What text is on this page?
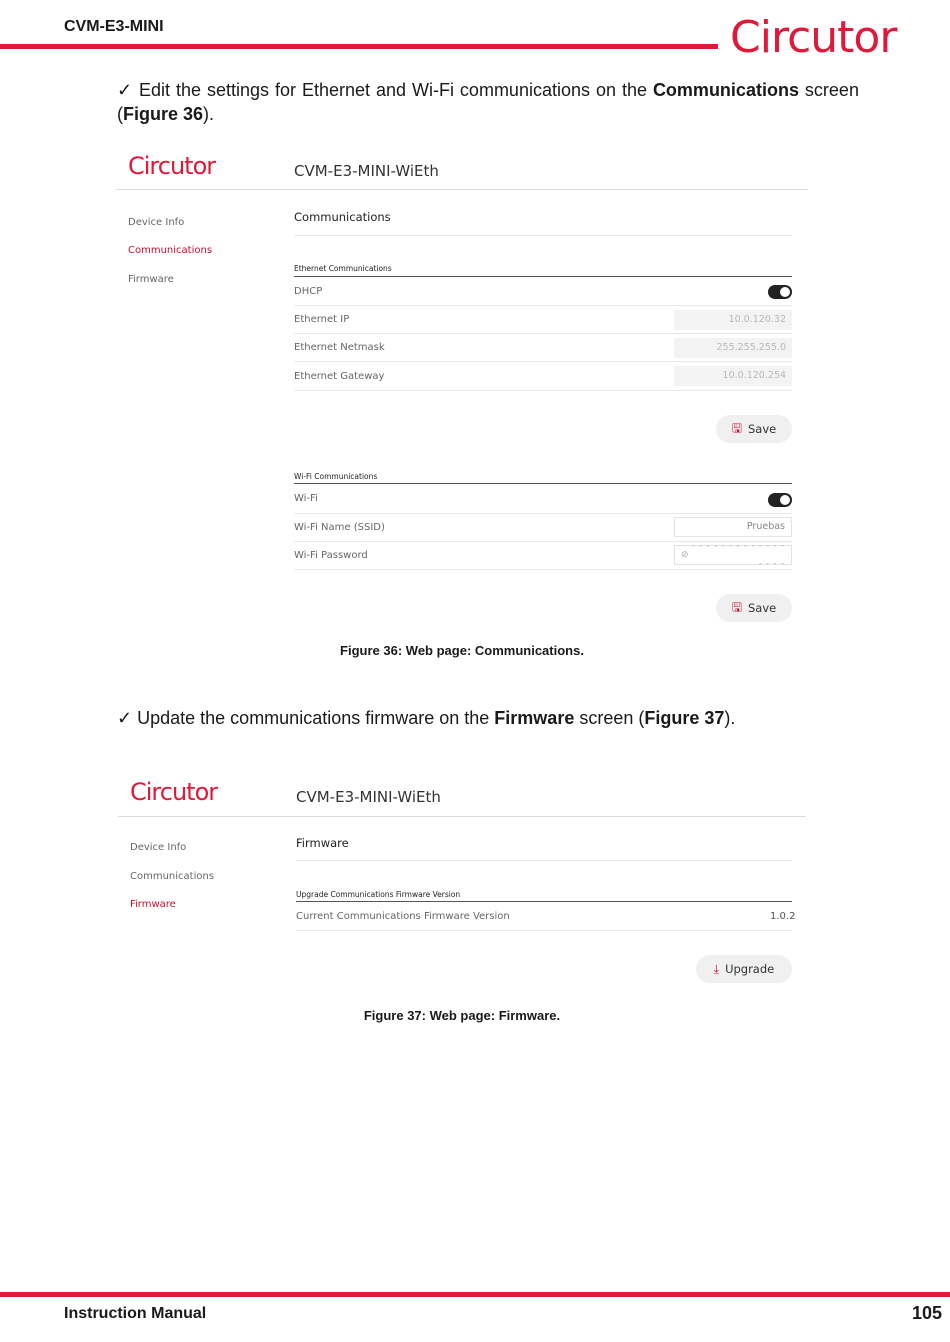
CVM-E3-MINI	Circutor
✓ Edit the settings for Ethernet and Wi-Fi communications on the Communications screen (Figure 36).
Circutor	CVM-E3-MINI-WiEth
Device Info
Communications
Firmware
Communications
Ethernet Communications
DHCP
Ethernet IP	10.0.120.32
Ethernet Netmask	255.255.255.0
Ethernet Gateway	10.0.120.254
🖫 Save
Wi-Fi Communications
Wi-Fi
Wi-Fi Name (SSID)	Pruebas
Wi-Fi Password	⊘
- - - - - - - - - - - - - - - - -
🖫 Save
Figure 36: Web page: Communications.
✓ Update the communications firmware on the Firmware screen (Figure 37).
Circutor	CVM-E3-MINI-WiEth
Device Info
Communications
Firmware
Firmware
Upgrade Communications Firmware Version
Current Communications Firmware Version	1.0.2
⤓ Upgrade
Figure 37: Web page: Firmware.
Instruction Manual	105
